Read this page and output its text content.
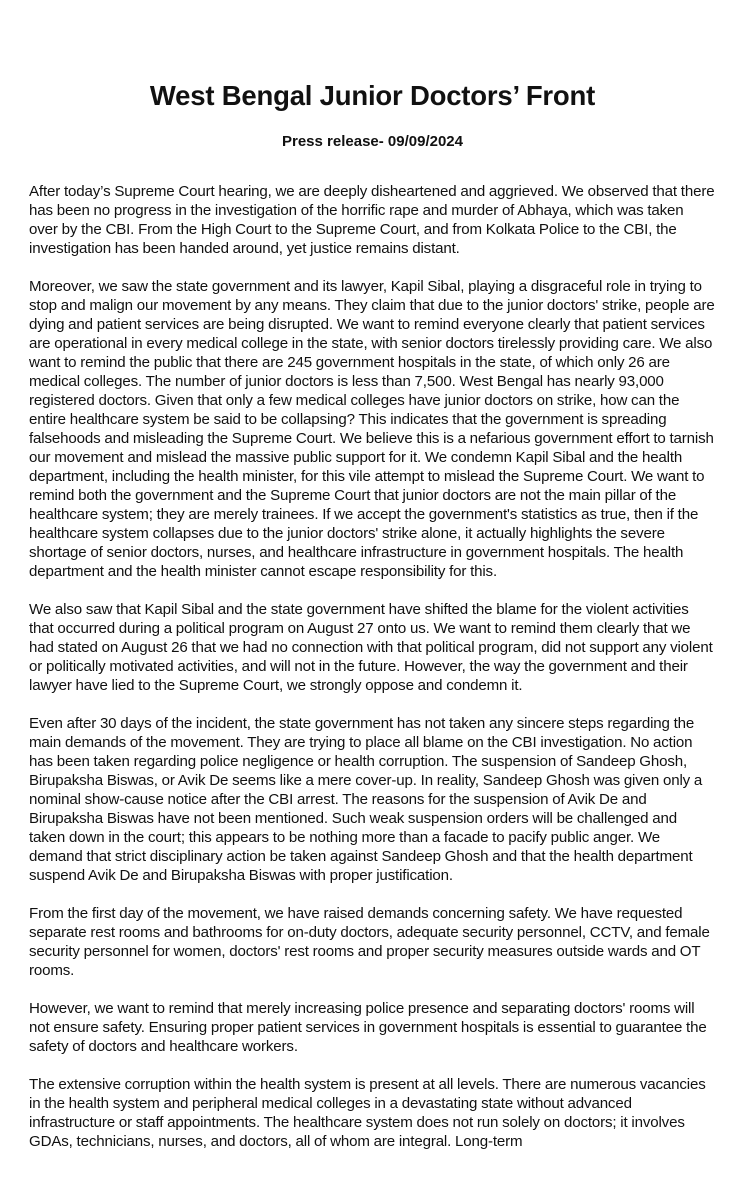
West Bengal Junior Doctors’ Front
Press release- 09/09/2024

After today’s Supreme Court hearing, we are deeply disheartened and aggrieved. We observed that there has been no progress in the investigation of the horrific rape and murder of Abhaya, which was taken over by the CBI. From the High Court to the Supreme Court, and from Kolkata Police to the CBI, the investigation has been handed around, yet justice remains distant.

Moreover, we saw the state government and its lawyer, Kapil Sibal, playing a disgraceful role in trying to stop and malign our movement by any means. They claim that due to the junior doctors' strike, people are dying and patient services are being disrupted. We want to remind everyone clearly that patient services are operational in every medical college in the state, with senior doctors tirelessly providing care. We also want to remind the public that there are 245 government hospitals in the state, of which only 26 are medical colleges. The number of junior doctors is less than 7,500. West Bengal has nearly 93,000 registered doctors. Given that only a few medical colleges have junior doctors on strike, how can the entire healthcare system be said to be collapsing? This indicates that the government is spreading falsehoods and misleading the Supreme Court. We believe this is a nefarious government effort to tarnish our movement and mislead the massive public support for it. We condemn Kapil Sibal and the health department, including the health minister, for this vile attempt to mislead the Supreme Court. We want to remind both the government and the Supreme Court that junior doctors are not the main pillar of the healthcare system; they are merely trainees. If we accept the government's statistics as true, then if the healthcare system collapses due to the junior doctors' strike alone, it actually highlights the severe shortage of senior doctors, nurses, and healthcare infrastructure in government hospitals. The health department and the health minister cannot escape responsibility for this.

We also saw that Kapil Sibal and the state government have shifted the blame for the violent activities that occurred during a political program on August 27 onto us. We want to remind them clearly that we had stated on August 26 that we had no connection with that political program, did not support any violent or politically motivated activities, and will not in the future. However, the way the government and their lawyer have lied to the Supreme Court, we strongly oppose and condemn it.

Even after 30 days of the incident, the state government has not taken any sincere steps regarding the main demands of the movement. They are trying to place all blame on the CBI investigation. No action has been taken regarding police negligence or health corruption. The suspension of Sandeep Ghosh, Birupaksha Biswas, or Avik De seems like a mere cover-up. In reality, Sandeep Ghosh was given only a nominal show-cause notice after the CBI arrest. The reasons for the suspension of Avik De and Birupaksha Biswas have not been mentioned. Such weak suspension orders will be challenged and taken down in the court; this appears to be nothing more than a facade to pacify public anger. We demand that strict disciplinary action be taken against Sandeep Ghosh and that the health department suspend Avik De and Birupaksha Biswas with proper justification.

From the first day of the movement, we have raised demands concerning safety. We have requested separate rest rooms and bathrooms for on-duty doctors, adequate security personnel, CCTV, and female security personnel for women, doctors' rest rooms and proper security measures outside wards and OT rooms.

However, we want to remind that merely increasing police presence and separating doctors' rooms will not ensure safety. Ensuring proper patient services in government hospitals is essential to guarantee the safety of doctors and healthcare workers.

The extensive corruption within the health system is present at all levels. There are numerous vacancies in the health system and peripheral medical colleges in a devastating state without advanced infrastructure or staff appointments. The healthcare system does not run solely on doctors; it involves GDAs, technicians, nurses, and doctors, all of whom are integral. Long-term
